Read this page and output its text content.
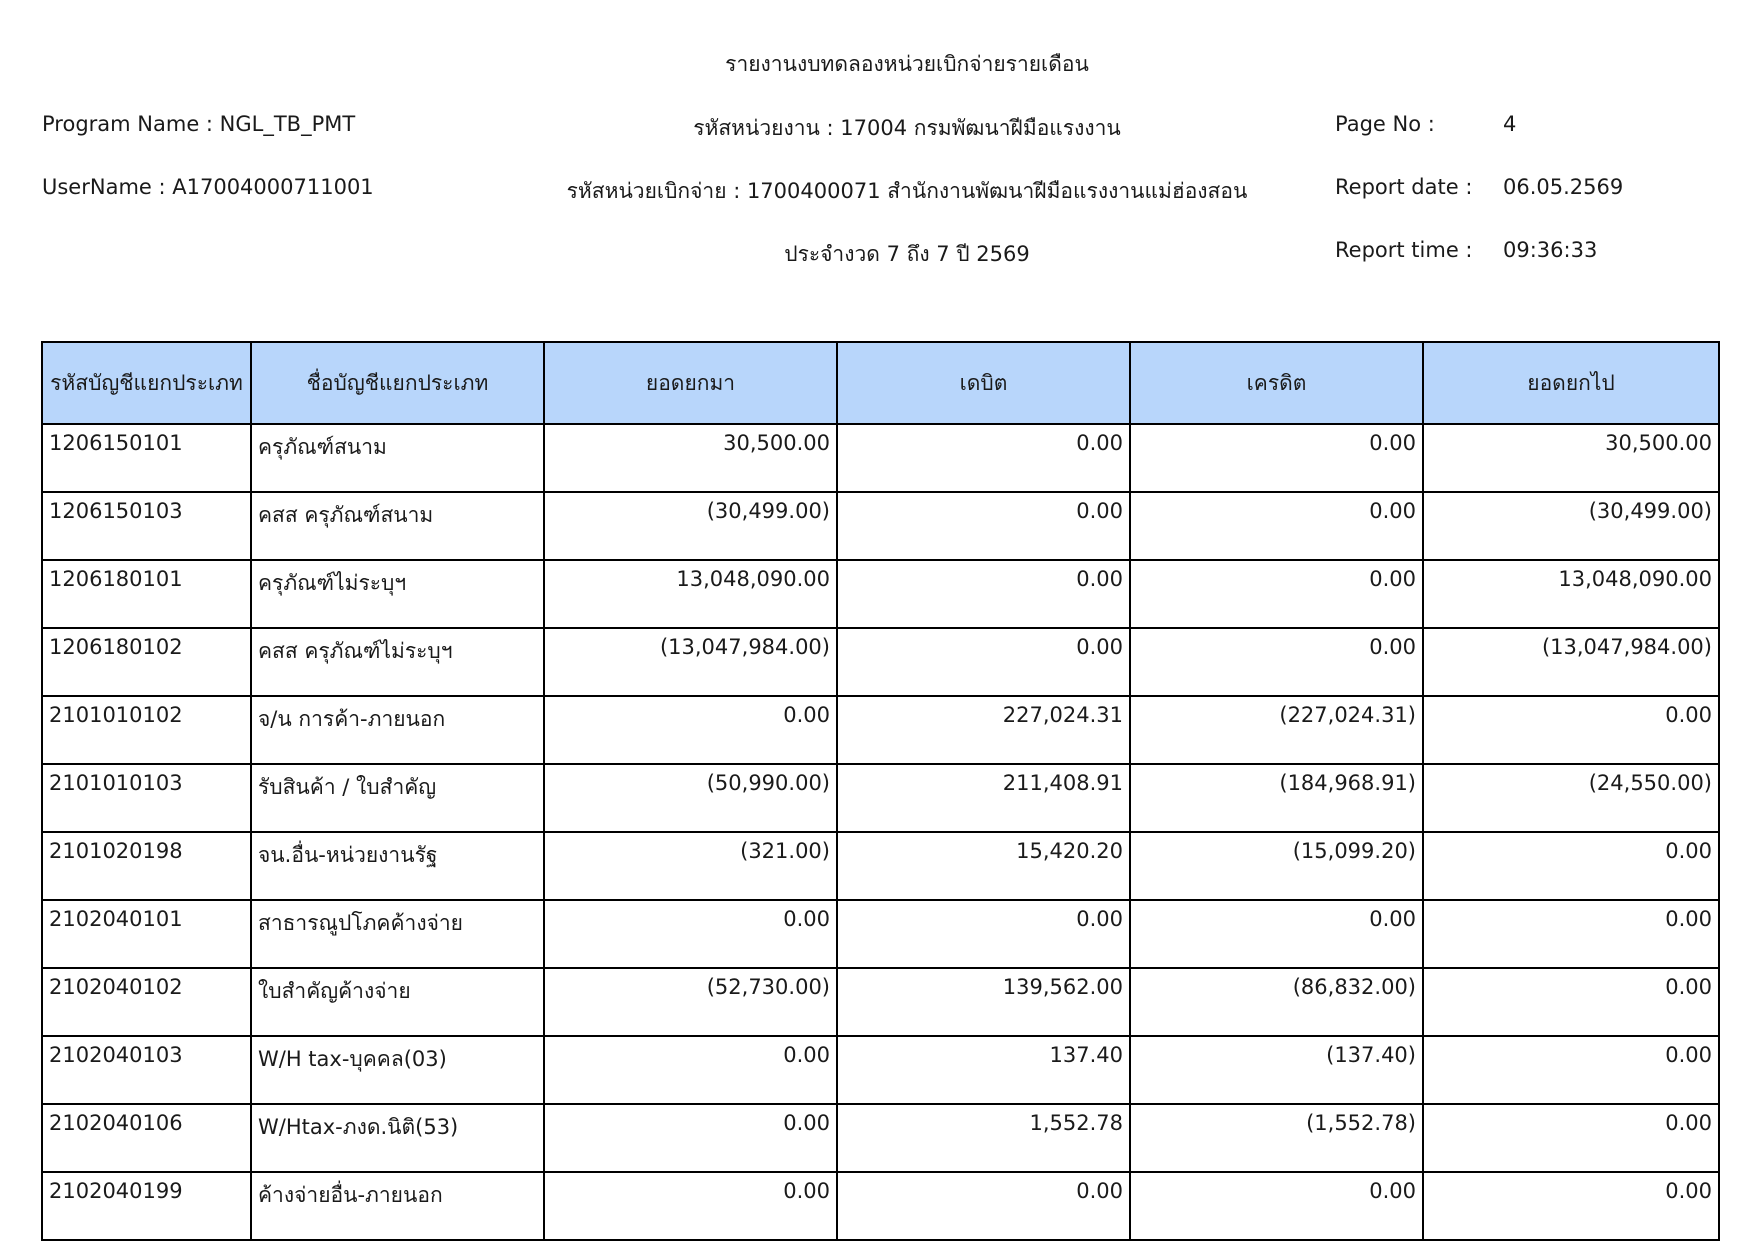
รายงานงบทดลองหน่วยเบิกจ่ายรายเดือน
Program Name : NGL_TB_PMT	รหัสหน่วยงาน : 17004 กรมพัฒนาฝีมือแรงงาน	Page No :	4
UserName : A17004000711001	รหัสหน่วยเบิกจ่าย : 1700400071 สำนักงานพัฒนาฝีมือแรงงานแม่ฮ่องสอน	Report date : 06.05.2569
ประจำงวด 7 ถึง 7 ปี 2569	Report time : 09:36:33
รหัสบัญชีแยกประเภท	ชื่อบัญชีแยกประเภท	ยอดยกมา	เดบิต	เครดิต	ยอดยกไป
1206150101	ครุภัณฑ์สนาม	30,500.00	0.00	0.00	30,500.00
1206150103	คสส ครุภัณฑ์สนาม	(30,499.00)	0.00	0.00	(30,499.00)
1206180101	ครุภัณฑ์ไม่ระบุฯ	13,048,090.00	0.00	0.00	13,048,090.00
1206180102	คสส ครุภัณฑ์ไม่ระบุฯ	(13,047,984.00)	0.00	0.00	(13,047,984.00)
2101010102	จ/น การค้า-ภายนอก	0.00	227,024.31	(227,024.31)	0.00
2101010103	รับสินค้า / ใบสำคัญ	(50,990.00)	211,408.91	(184,968.91)	(24,550.00)
2101020198	จน.อื่น-หน่วยงานรัฐ	(321.00)	15,420.20	(15,099.20)	0.00
2102040101	สาธารณูปโภคค้างจ่าย	0.00	0.00	0.00	0.00
2102040102	ใบสำคัญค้างจ่าย	(52,730.00)	139,562.00	(86,832.00)	0.00
2102040103	W/H tax-บุคคล(03)	0.00	137.40	(137.40)	0.00
2102040106	W/Htax-ภงด.นิติ(53)	0.00	1,552.78	(1,552.78)	0.00
2102040199	ค้างจ่ายอื่น-ภายนอก	0.00	0.00	0.00	0.00
